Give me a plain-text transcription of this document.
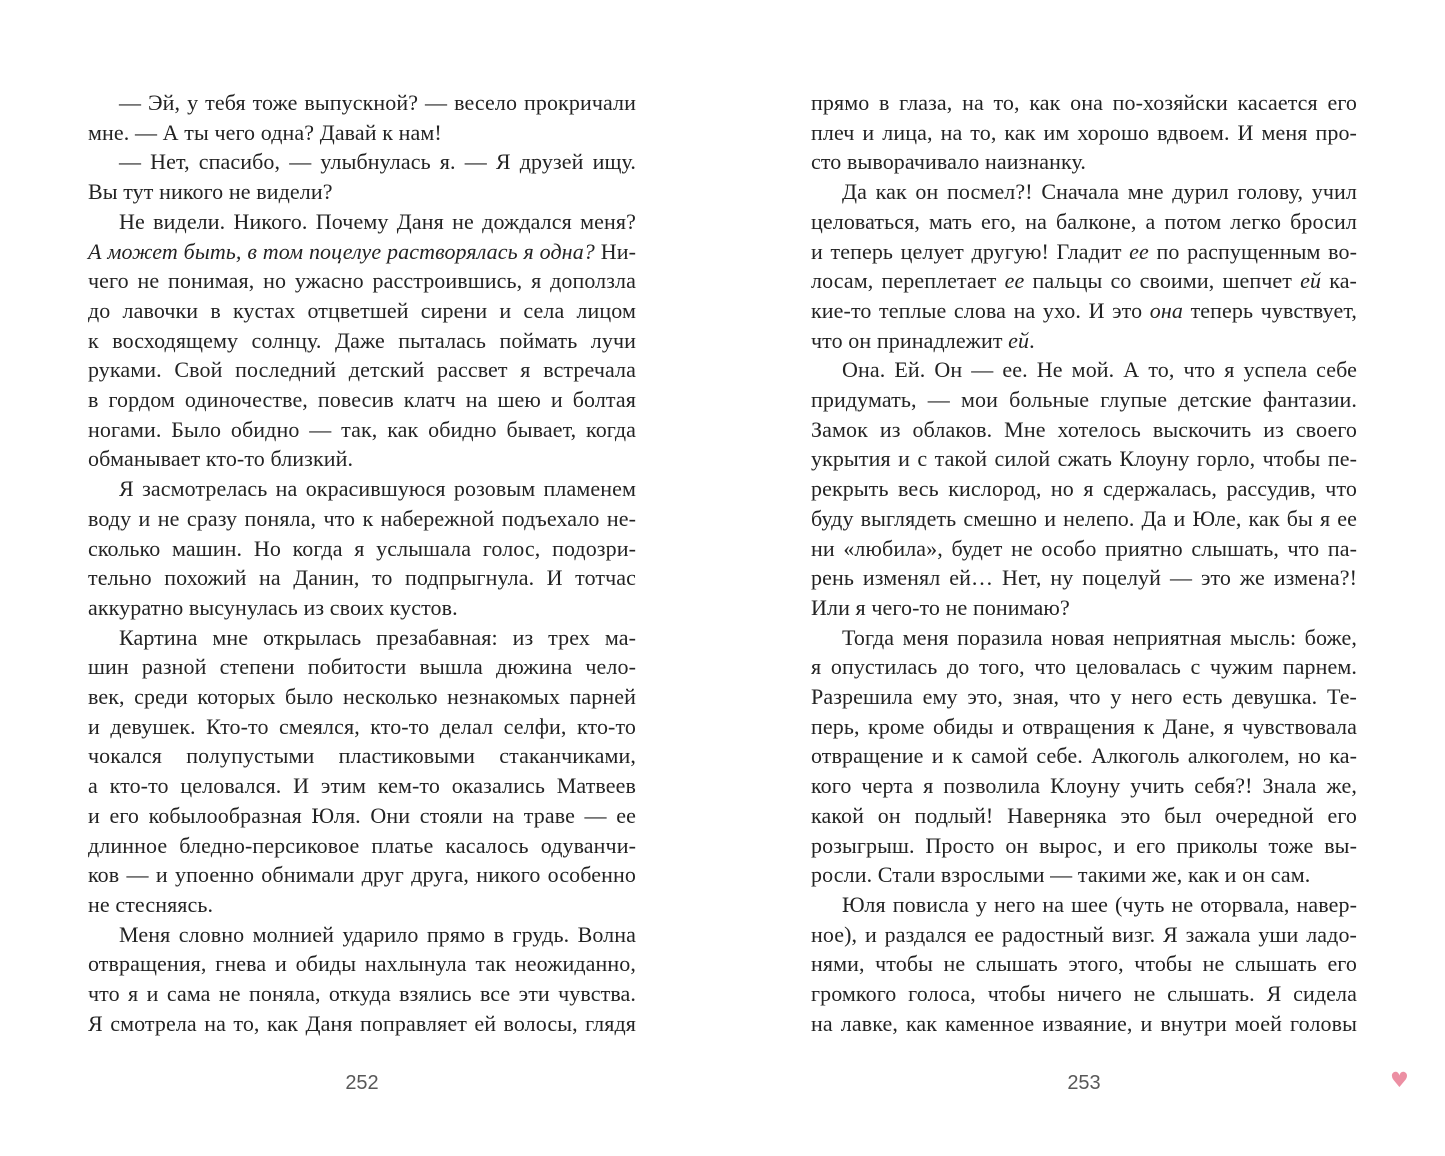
— Эй, у тебя тоже выпускной? — весело прокричали
мне. — А ты чего одна? Давай к нам!
— Нет, спасибо, — улыбнулась я. — Я друзей ищу.
Вы тут никого не видели?
Не видели. Никого. Почему Даня не дождался меня?
А может быть, в том поцелуе растворялась я одна? Ни-
чего не понимая, но ужасно расстроившись, я доползла
до лавочки в кустах отцветшей сирени и села лицом
к восходящему солнцу. Даже пыталась поймать лучи
руками. Свой последний детский рассвет я встречала
в гордом одиночестве, повесив клатч на шею и болтая
ногами. Было обидно — так, как обидно бывает, когда
обманывает кто-то близкий.
Я засмотрелась на окрасившуюся розовым пламенем
воду и не сразу поняла, что к набережной подъехало не-
сколько машин. Но когда я услышала голос, подозри-
тельно похожий на Данин, то подпрыгнула. И тотчас
аккуратно высунулась из своих кустов.
Картина мне открылась презабавная: из трех ма-
шин разной степени побитости вышла дюжина чело-
век, среди которых было несколько незнакомых парней
и девушек. Кто-то смеялся, кто-то делал селфи, кто-то
чокался полупустыми пластиковыми стаканчиками,
а кто-то целовался. И этим кем-то оказались Матвеев
и его кобылообразная Юля. Они стояли на траве — ее
длинное бледно-персиковое платье касалось одуванчи-
ков — и упоенно обнимали друг друга, никого особенно
не стесняясь.
Меня словно молнией ударило прямо в грудь. Волна
отвращения, гнева и обиды нахлынула так неожиданно,
что я и сама не поняла, откуда взялись все эти чувства.
Я смотрела на то, как Даня поправляет ей волосы, глядя
252
прямо в глаза, на то, как она по-хозяйски касается его
плеч и лица, на то, как им хорошо вдвоем. И меня про-
сто выворачивало наизнанку.
Да как он посмел?! Сначала мне дурил голову, учил
целоваться, мать его, на балконе, а потом легко бросил
и теперь целует другую! Гладит ее по распущенным во-
лосам, переплетает ее пальцы со своими, шепчет ей ка-
кие-то теплые слова на ухо. И это она теперь чувствует,
что он принадлежит ей.
Она. Ей. Он — ее. Не мой. А то, что я успела себе
придумать, — мои больные глупые детские фантазии.
Замок из облаков. Мне хотелось выскочить из своего
укрытия и с такой силой сжать Клоуну горло, чтобы пе-
рекрыть весь кислород, но я сдержалась, рассудив, что
буду выглядеть смешно и нелепо. Да и Юле, как бы я ее
ни «любила», будет не особо приятно слышать, что па-
рень изменял ей… Нет, ну поцелуй — это же измена?!
Или я чего-то не понимаю?
Тогда меня поразила новая неприятная мысль: боже,
я опустилась до того, что целовалась с чужим парнем.
Разрешила ему это, зная, что у него есть девушка. Те-
перь, кроме обиды и отвращения к Дане, я чувствовала
отвращение и к самой себе. Алкоголь алкоголем, но ка-
кого черта я позволила Клоуну учить себя?! Знала же,
какой он подлый! Наверняка это был очередной его
розыгрыш. Просто он вырос, и его приколы тоже вы-
росли. Стали взрослыми — такими же, как и он сам.
Юля повисла у него на шее (чуть не оторвала, навер-
ное), и раздался ее радостный визг. Я зажала уши ладо-
нями, чтобы не слышать этого, чтобы не слышать его
громкого голоса, чтобы ничего не слышать. Я сидела
на лавке, как каменное изваяние, и внутри моей головы
253	♥
